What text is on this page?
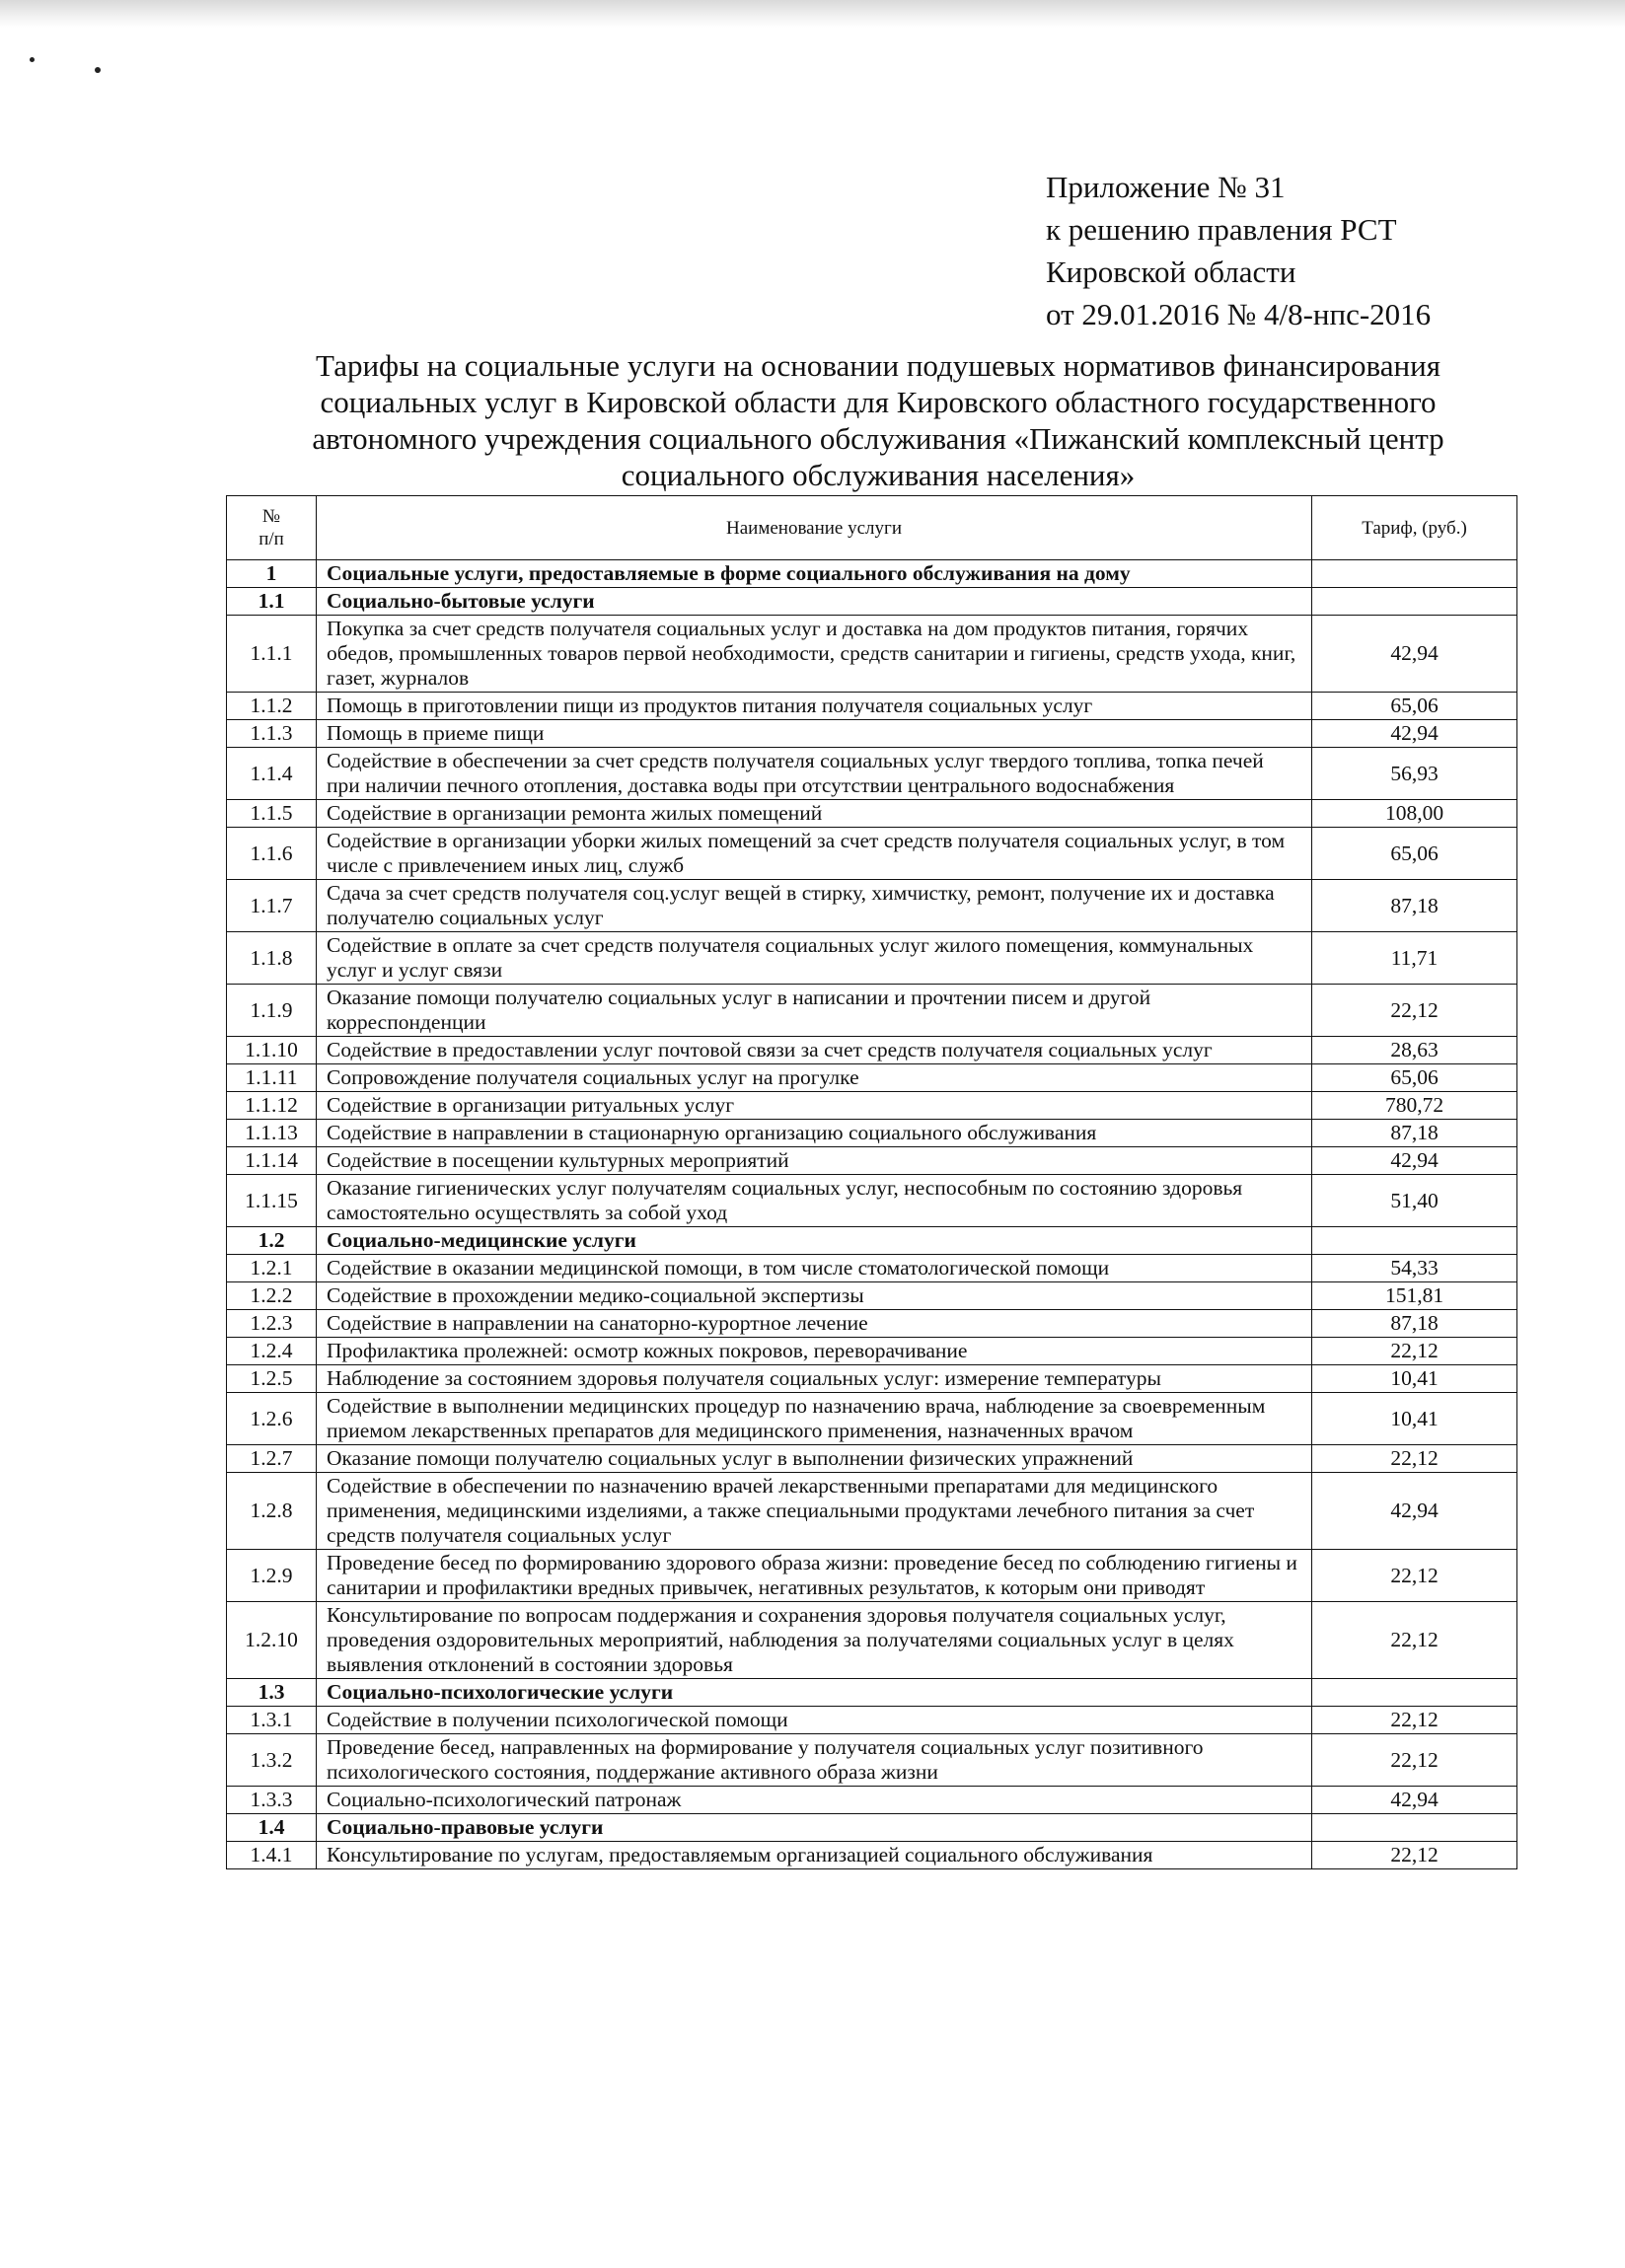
Приложение № 31
к решению правления РСТ
Кировской области
от 29.01.2016 № 4/8-нпс-2016
Тарифы на социальные услуги на основании подушевых нормативов финансирования
социальных услуг в Кировской области для Кировского областного государственного
автономного учреждения социального обслуживания «Пижанский комплексный центр
социального обслуживания населения»
№
п/п	Наименование услуги	Тариф, (руб.)
1	Социальные услуги, предоставляемые в форме социального обслуживания на дому	
1.1	Социально-бытовые услуги	
1.1.1	Покупка за счет средств получателя социальных услуг и доставка на дом продуктов питания, горячих обедов, промышленных товаров первой необходимости, средств санитарии и гигиены, средств ухода, книг, газет, журналов	42,94
1.1.2	Помощь в приготовлении пищи из продуктов питания получателя социальных услуг	65,06
1.1.3	Помощь в приеме пищи	42,94
1.1.4	Содействие в обеспечении за счет средств получателя социальных услуг твердого топлива, топка печей при наличии печного отопления, доставка воды при отсутствии центрального водоснабжения	56,93
1.1.5	Содействие в организации ремонта жилых помещений	108,00
1.1.6	Содействие в организации уборки жилых помещений за счет средств получателя социальных услуг, в том числе с привлечением иных лиц, служб	65,06
1.1.7	Сдача за счет средств получателя соц.услуг вещей в стирку, химчистку, ремонт, получение их и доставка получателю социальных услуг	87,18
1.1.8	Содействие в оплате за счет средств получателя социальных услуг жилого помещения, коммунальных услуг и услуг связи	11,71
1.1.9	Оказание помощи получателю социальных услуг в написании и прочтении писем и другой корреспонденции	22,12
1.1.10	Содействие в предоставлении услуг почтовой связи за счет средств получателя социальных услуг	28,63
1.1.11	Сопровождение получателя социальных услуг на прогулке	65,06
1.1.12	Содействие в организации ритуальных услуг	780,72
1.1.13	Содействие в направлении в стационарную организацию социального обслуживания	87,18
1.1.14	Содействие в посещении культурных мероприятий	42,94
1.1.15	Оказание гигиенических услуг получателям социальных услуг, неспособным по состоянию здоровья самостоятельно осуществлять за собой уход	51,40
1.2	Социально-медицинские услуги	
1.2.1	Содействие в оказании медицинской помощи, в том числе стоматологической помощи	54,33
1.2.2	Содействие в прохождении медико-социальной экспертизы	151,81
1.2.3	Содействие в направлении на санаторно-курортное лечение	87,18
1.2.4	Профилактика пролежней: осмотр кожных покровов, переворачивание	22,12
1.2.5	Наблюдение за состоянием здоровья получателя социальных услуг: измерение температуры	10,41
1.2.6	Содействие в выполнении медицинских процедур по назначению врача, наблюдение за своевременным приемом лекарственных препаратов для медицинского применения, назначенных врачом	10,41
1.2.7	Оказание помощи получателю социальных услуг в выполнении физических упражнений	22,12
1.2.8	Содействие в обеспечении по назначению врачей лекарственными препаратами для медицинского применения, медицинскими изделиями, а также специальными продуктами лечебного питания за счет средств получателя социальных услуг	42,94
1.2.9	Проведение бесед по формированию здорового образа жизни: проведение бесед по соблюдению гигиены и санитарии и профилактики вредных привычек, негативных результатов, к которым они приводят	22,12
1.2.10	Консультирование по вопросам поддержания и сохранения здоровья получателя социальных услуг, проведения оздоровительных мероприятий, наблюдения за получателями социальных услуг в целях выявления отклонений в состоянии здоровья	22,12
1.3	Социально-психологические услуги	
1.3.1	Содействие в получении психологической помощи	22,12
1.3.2	Проведение бесед, направленных на формирование у получателя социальных услуг позитивного психологического состояния, поддержание активного образа жизни	22,12
1.3.3	Социально-психологический патронаж	42,94
1.4	Социально-правовые услуги	
1.4.1	Консультирование по услугам, предоставляемым организацией социального обслуживания	22,12
